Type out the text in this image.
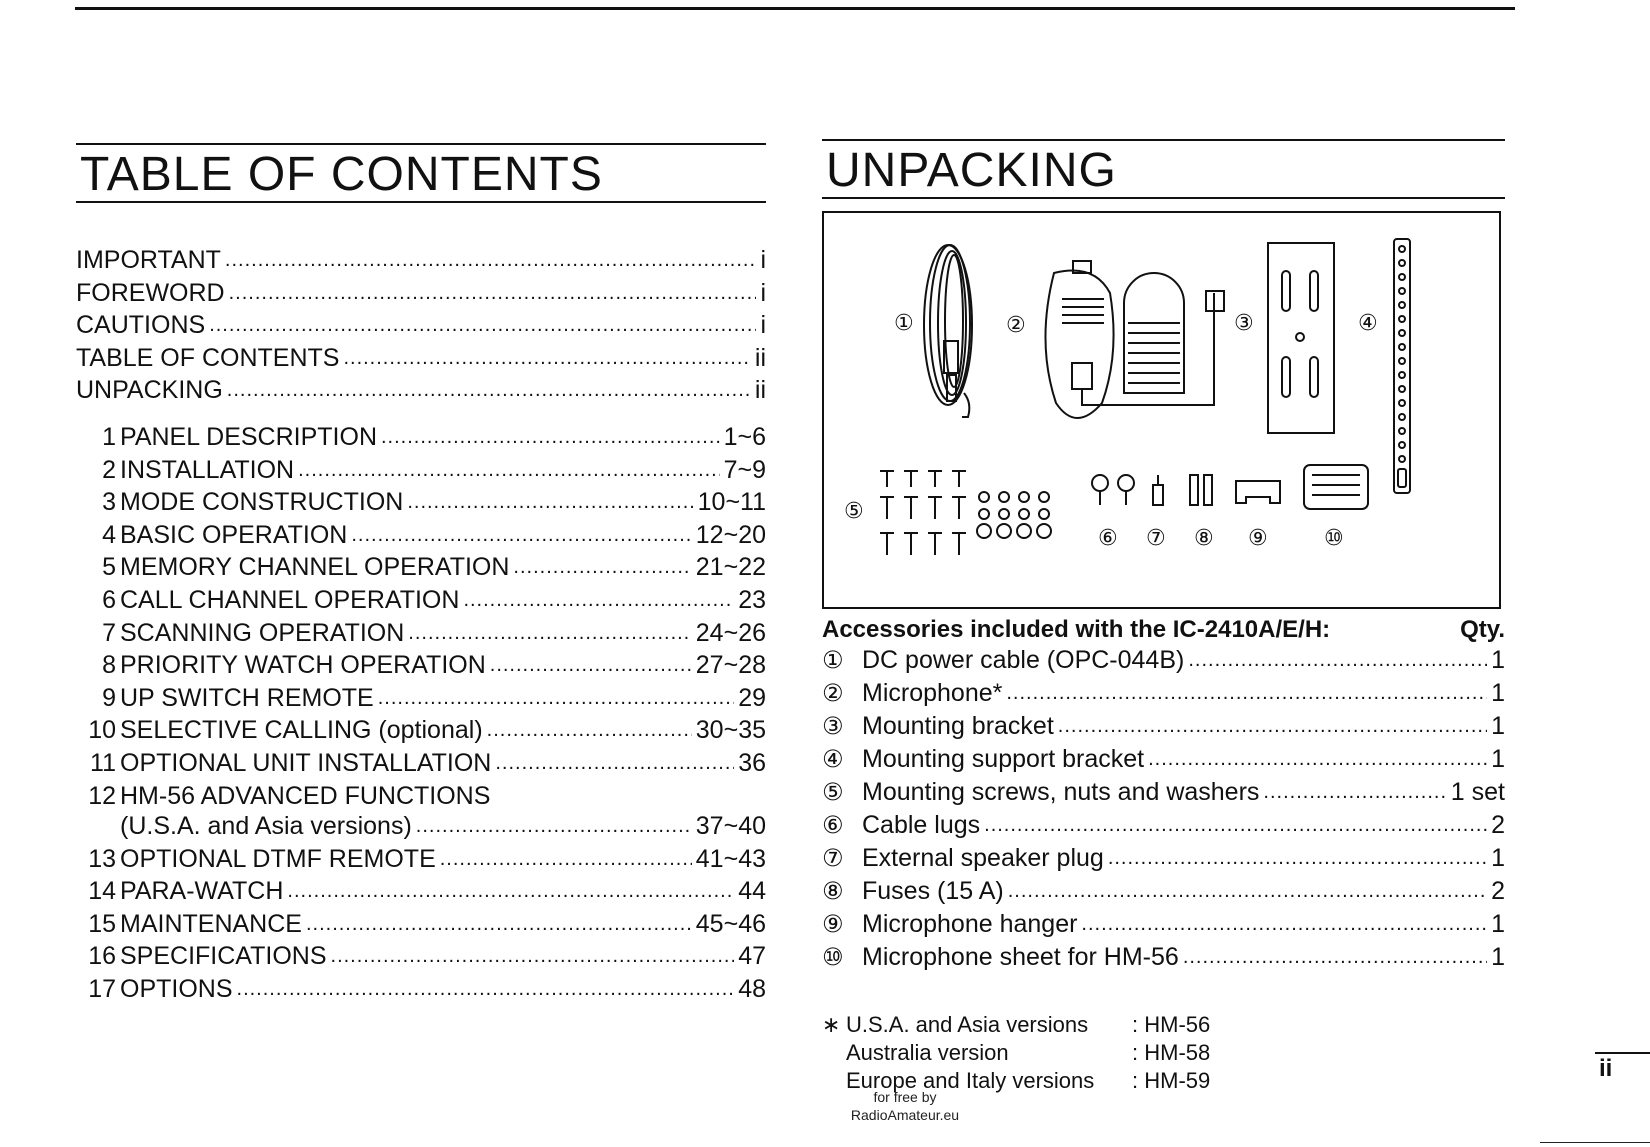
TABLE OF CONTENTS
IMPORTANT .....	i
FOREWORD .....	i
CAUTIONS .....	i
TABLE OF CONTENTS .....	ii
UNPACKING .....	ii
1 PANEL DESCRIPTION .....	1~6
2 INSTALLATION .....	7~9
3 MODE CONSTRUCTION .....	10~11
4 BASIC OPERATION .....	12~20
5 MEMORY CHANNEL OPERATION .....	21~22
6 CALL CHANNEL OPERATION .....	23
7 SCANNING OPERATION .....	24~26
8 PRIORITY WATCH OPERATION .....	27~28
9 UP SWITCH REMOTE .....	29
10 SELECTIVE CALLING (optional) .....	30~35
11 OPTIONAL UNIT INSTALLATION .....	36
12 HM-56 ADVANCED FUNCTIONS
(U.S.A. and Asia versions) .....	37~40
13 OPTIONAL DTMF REMOTE .....	41~43
14 PARA-WATCH .....	44
15 MAINTENANCE .....	45~46
16 SPECIFICATIONS .....	47
17 OPTIONS .....	48
UNPACKING
①	②	③	④
⑤
⑥ ⑦ ⑧ ⑨	⑩
Accessories included with the IC-2410A/E/H:	Qty.
① DC power cable (OPC-044B) .....	1
② Microphone* .....	1
③ Mounting bracket .....	1
④ Mounting support bracket .....	1
⑤ Mounting screws, nuts and washers .....	1 set
⑥ Cable lugs .....	2
⑦ External speaker plug .....	1
⑧ Fuses (15 A) .....	2
⑨ Microphone hanger .....	1
⑩ Microphone sheet for HM-56 .....	1
∗ U.S.A. and Asia versions	: HM-56
Australia version	: HM-58
Europe and Italy versions	: HM-59
for free by
RadioAmateur.eu
ii
